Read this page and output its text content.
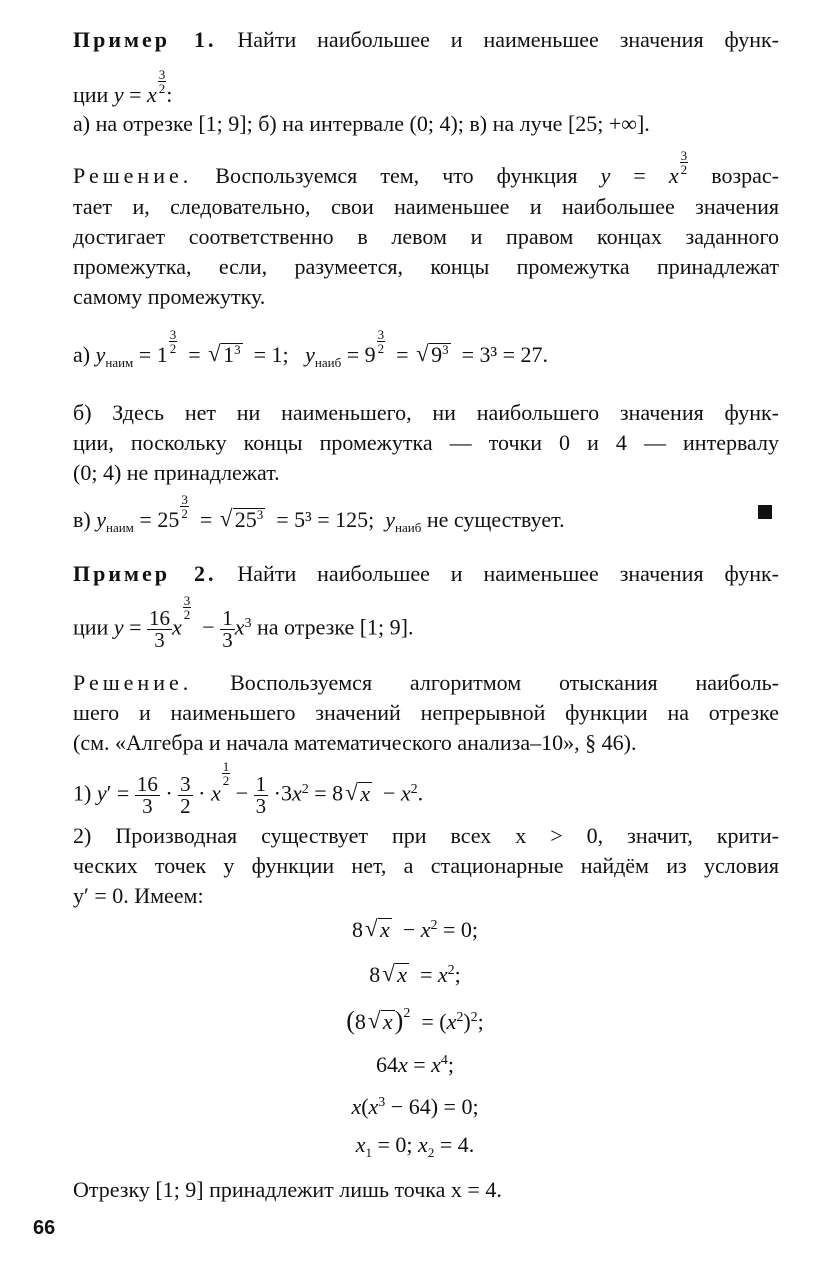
Пример 1. Найти наибольшее и наименьшее значения функ-
ции y = x $\frac{3}{2}$ :
а) на отрезке [1; 9]; б) на интервале (0; 4); в) на луче [25; +∞].
Решение. Воспользуемся тем, что функция y = x $\frac{3}{2}$ возрас-
тает и, следовательно, свои наименьшее и наибольшее значения
достигает соответственно в левом и правом концах заданного
промежутка, если, разумеется, концы промежутка принадлежат
самому промежутку.
а) $y_{наим} = 1 \frac{3}{2}$ = √ $1^3 = 1$; $y_{наиб} = 9 \frac{3}{2}$ = √ $9^3 = 3^3 = 27$.
б) Здесь нет ни наименьшего, ни наибольшего значения функ-
ции, поскольку концы промежутка — точки 0 и 4 — интервалу
(0; 4) не принадлежат.
в) $y_{наим} = 25 \frac{3}{2}$ = √ $25^3 = 5^3 = 125$; $y_{наиб}$ не существует.
Пример 2. Найти наибольшее и наименьшее значения функ-
ции $y = \frac{16}{3}$ x
$\frac{3}{2}$
− $\frac{1}{3} x^3$ на отрезке [1; 9].
Решение. Воспользуемся алгоритмом отыскания наиболь-
шего и наименьшего значений непрерывной функции на отрезке
(см. «Алгебра и начала математического анализа–10», § 46).
1) $y' = \frac{16}{3} \cdot \frac{3}{2} \cdot x$
$\frac{1}{2}$
− $\frac{1}{3} \cdot 3x^2 = 8√$ $x - x^2$.
2) Производная существует при всех x > 0, значит, крити-
ческих точек у функции нет, а стационарные найдём из условия
y′ = 0. Имеем:
8√ $x - x^2 = 0$;
8√ $x = x^2$;
(8√ $x)^2 = (x^2)^2$;
$64x = x^4$;
$x(x^3 - 64) = 0$;
$x_1 = 0$; $x_2 = 4$.
Отрезку [1; 9] принадлежит лишь точка x = 4.
66
